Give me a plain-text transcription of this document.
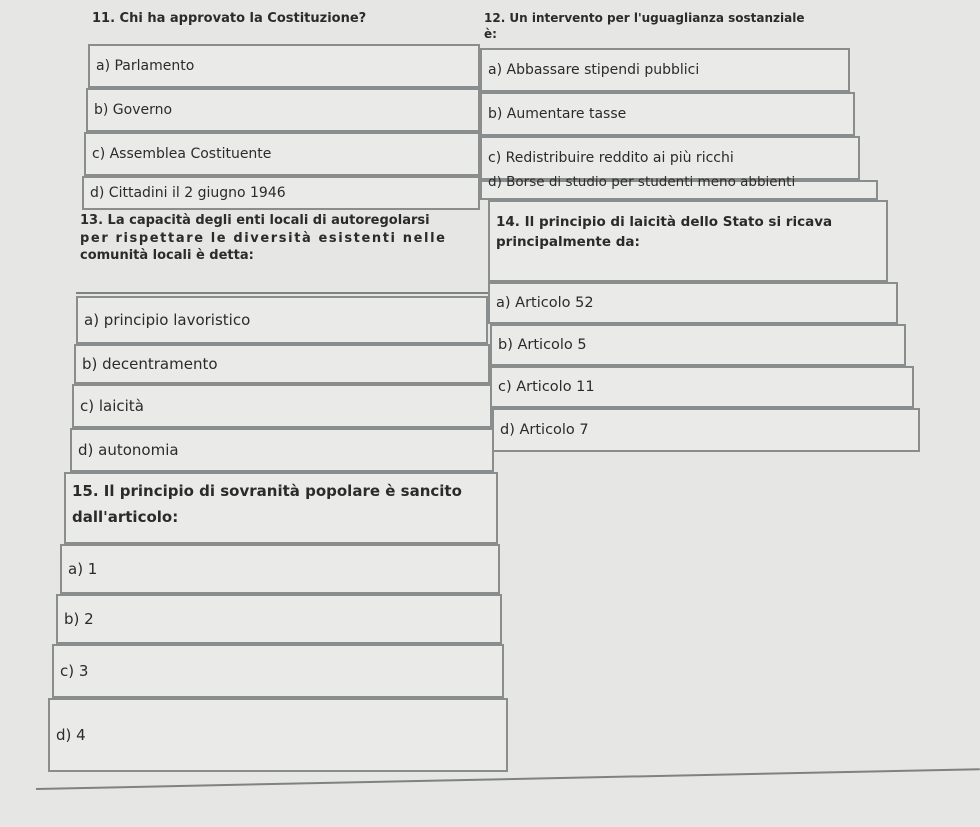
11. Chi ha approvato la Costituzione?
a) Parlamento
b) Governo
c) Assemblea Costituente
d) Cittadini il 2 giugno 1946
12. Un intervento per l'uguaglianza sostanziale
è:
a) Abbassare stipendi pubblici
b) Aumentare tasse
c) Redistribuire reddito ai più ricchi
d) Borse di studio per studenti meno abbienti
13. La capacità degli enti locali di autoregolarsi
per rispettare le diversità esistenti nelle
comunità locali è detta:
a) principio lavoristico
b) decentramento
c) laicità
d) autonomia
14. Il principio di laicità dello Stato si ricava
principalmente da:
a) Articolo 52
b) Articolo 5
c) Articolo 11
d) Articolo 7
15. Il principio di sovranità popolare è sancito
dall'articolo:
a) 1
b) 2
c) 3
d) 4
